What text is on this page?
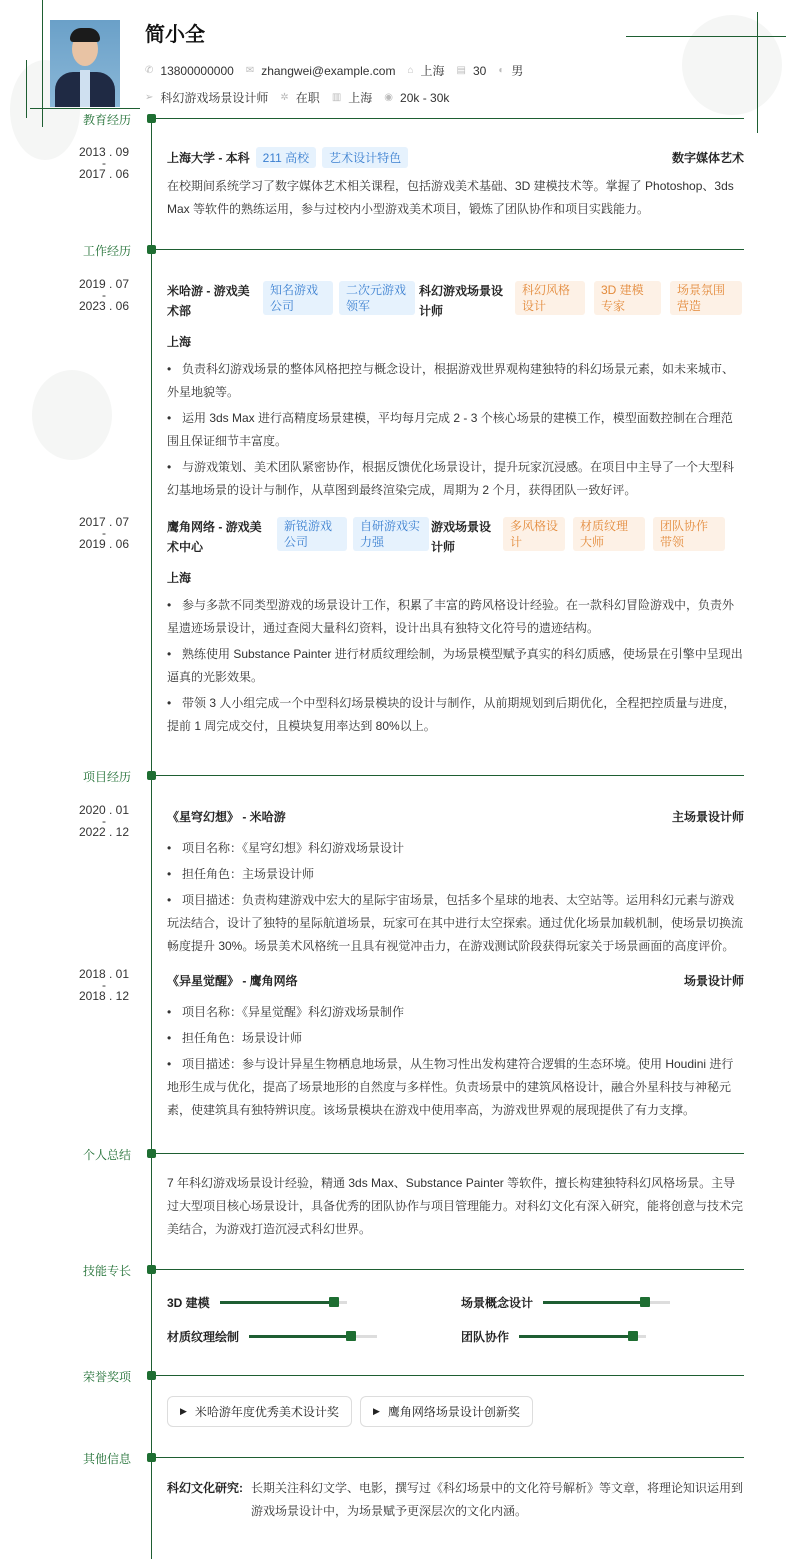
简小全
✆ 13800000000 ✉ zhangwei@example.com ⌂ 上海 ▤ 30 ◐ 男
➢ 科幻游戏场景设计师 ✲ 在职 ▥ 上海 ◉ 20k - 30k
教育经历
2013 . 09
-
2017 . 06
上海大学 - 本科 211 高校 艺术设计特色	数字媒体艺术
在校期间系统学习了数字媒体艺术相关课程，包括游戏美术基础、3D 建模技术等。掌握了 Photoshop、3ds Max 等软件的熟练运用，参与过校内小型游戏美术项目，锻炼了团队协作和项目实践能力。
工作经历
2019 . 07
-
2023 . 06
米哈游 - 游戏美术部
知名游戏公司
二次元游戏领军
科幻游戏场景设计师
科幻风格设计
3D 建模专家
场景氛围营造
上海
• 负责科幻游戏场景的整体风格把控与概念设计，根据游戏世界观构建独特的科幻场景元素，如未来城市、外星地貌等。
• 运用 3ds Max 进行高精度场景建模，平均每月完成 2 - 3 个核心场景的建模工作，模型面数控制在合理范围且保证细节丰富度。
• 与游戏策划、美术团队紧密协作，根据反馈优化场景设计，提升玩家沉浸感。在项目中主导了一个大型科幻基地场景的设计与制作，从草图到最终渲染完成，周期为 2 个月，获得团队一致好评。
2017 . 07
-
2019 . 06
鹰角网络 - 游戏美术中心
新锐游戏公司
自研游戏实力强
游戏场景设计师
多风格设计
材质纹理大师
团队协作带领
上海
• 参与多款不同类型游戏的场景设计工作，积累了丰富的跨风格设计经验。在一款科幻冒险游戏中，负责外星遗迹场景设计，通过查阅大量科幻资料，设计出具有独特文化符号的遗迹结构。
• 熟练使用 Substance Painter 进行材质纹理绘制，为场景模型赋予真实的科幻质感，使场景在引擎中呈现出逼真的光影效果。
• 带领 3 人小组完成一个中型科幻场景模块的设计与制作，从前期规划到后期优化，全程把控质量与进度，提前 1 周完成交付，且模块复用率达到 80%以上。
项目经历
2020 . 01
-
2022 . 12
《星穹幻想》 - 米哈游	主场景设计师
• 项目名称：《星穹幻想》科幻游戏场景设计
• 担任角色：主场景设计师
• 项目描述：负责构建游戏中宏大的星际宇宙场景，包括多个星球的地表、太空站等。运用科幻元素与游戏玩法结合，设计了独特的星际航道场景，玩家可在其中进行太空探索。通过优化场景加载机制，使场景切换流畅度提升 30%。场景美术风格统一且具有视觉冲击力，在游戏测试阶段获得玩家关于场景画面的高度评价。
2018 . 01
-
2018 . 12
《异星觉醒》 - 鹰角网络	场景设计师
• 项目名称：《异星觉醒》科幻游戏场景制作
• 担任角色：场景设计师
• 项目描述：参与设计异星生物栖息地场景，从生物习性出发构建符合逻辑的生态环境。使用 Houdini 进行地形生成与优化，提高了场景地形的自然度与多样性。负责场景中的建筑风格设计，融合外星科技与神秘元素，使建筑具有独特辨识度。该场景模块在游戏中使用率高，为游戏世界观的展现提供了有力支撑。
个人总结
7 年科幻游戏场景设计经验，精通 3ds Max、Substance Painter 等软件，擅长构建独特科幻风格场景。主导过大型项目核心场景设计，具备优秀的团队协作与项目管理能力。对科幻文化有深入研究，能将创意与技术完美结合，为游戏打造沉浸式科幻世界。
技能专长
3D 建模	场景概念设计
材质纹理绘制	团队协作
荣誉奖项
▶ 米哈游年度优秀美术设计奖	▶ 鹰角网络场景设计创新奖
其他信息
科幻文化研究: 长期关注科幻文学、电影，撰写过《科幻场景中的文化符号解析》等文章，将理论知识运用到游戏场景设计中，为场景赋予更深层次的文化内涵。
